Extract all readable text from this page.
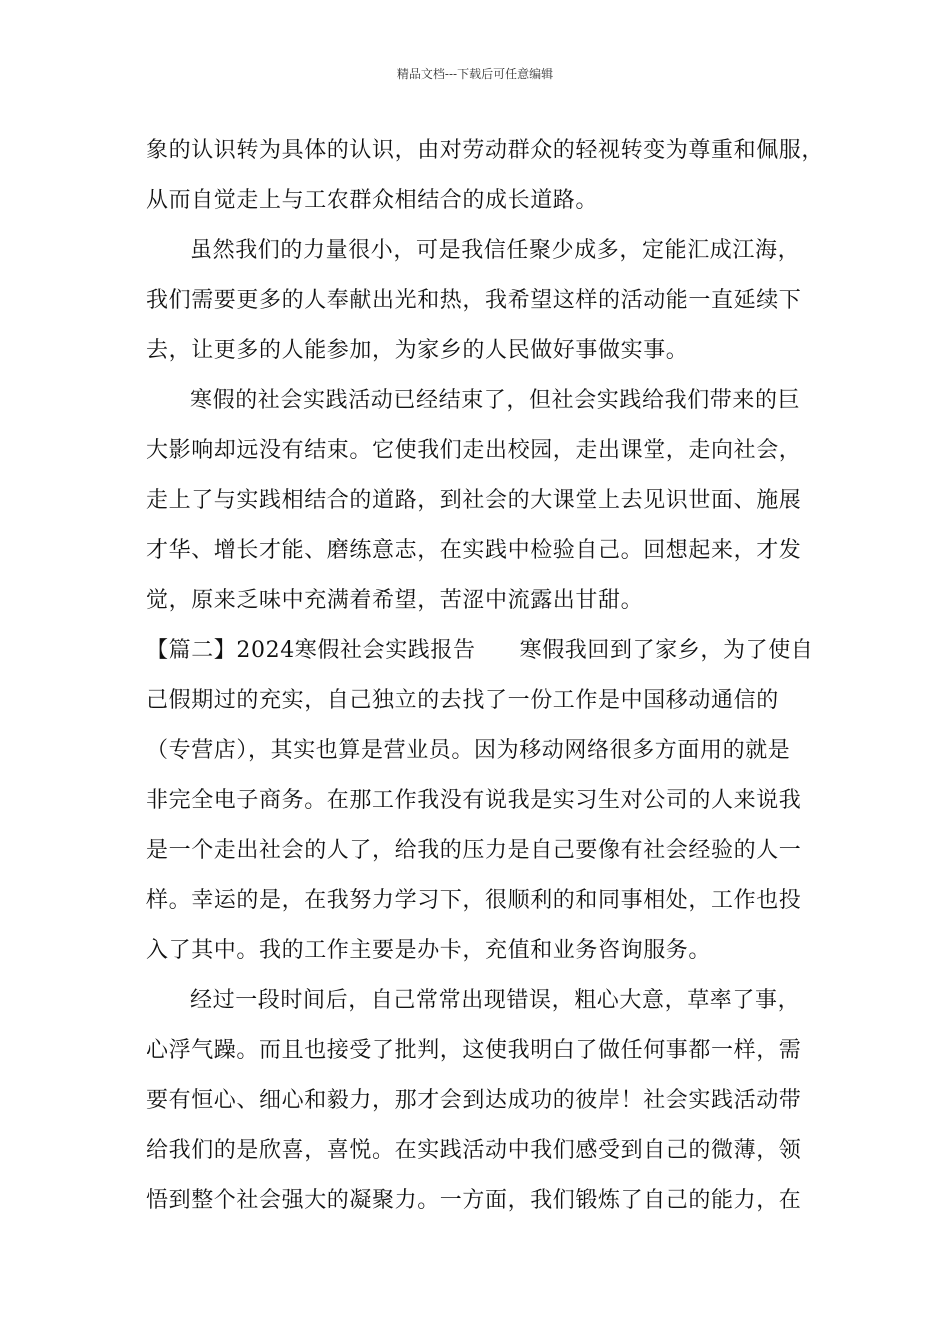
精品文档---下载后可任意编辑
象的认识转为具体的认识，由对劳动群众的轻视转变为尊重和佩服，
从而自觉走上与工农群众相结合的成长道路。
虽然我们的力量很小，可是我信任聚少成多，定能汇成江海，
我们需要更多的人奉献出光和热，我希望这样的活动能一直延续下
去，让更多的人能参加，为家乡的人民做好事做实事。
寒假的社会实践活动已经结束了，但社会实践给我们带来的巨
大影响却远没有结束。它使我们走出校园，走出课堂，走向社会，
走上了与实践相结合的道路，到社会的大课堂上去见识世面、施展
才华、增长才能、磨练意志，在实践中检验自己。回想起来，才发
觉，原来乏味中充满着希望，苦涩中流露出甘甜。
【篇二】2024寒假社会实践报告 寒假我回到了家乡，为了使自
己假期过的充实，自己独立的去找了一份工作是中国移动通信的
（专营店），其实也算是营业员。因为移动网络很多方面用的就是
非完全电子商务。在那工作我没有说我是实习生对公司的人来说我
是一个走出社会的人了，给我的压力是自己要像有社会经验的人一
样。幸运的是，在我努力学习下，很顺利的和同事相处，工作也投
入了其中。我的工作主要是办卡，充值和业务咨询服务。
经过一段时间后，自己常常出现错误，粗心大意，草率了事，
心浮气躁。而且也接受了批判，这使我明白了做任何事都一样，需
要有恒心、细心和毅力，那才会到达成功的彼岸！社会实践活动带
给我们的是欣喜，喜悦。在实践活动中我们感受到自己的微薄，领
悟到整个社会强大的凝聚力。一方面，我们锻炼了自己的能力，在
